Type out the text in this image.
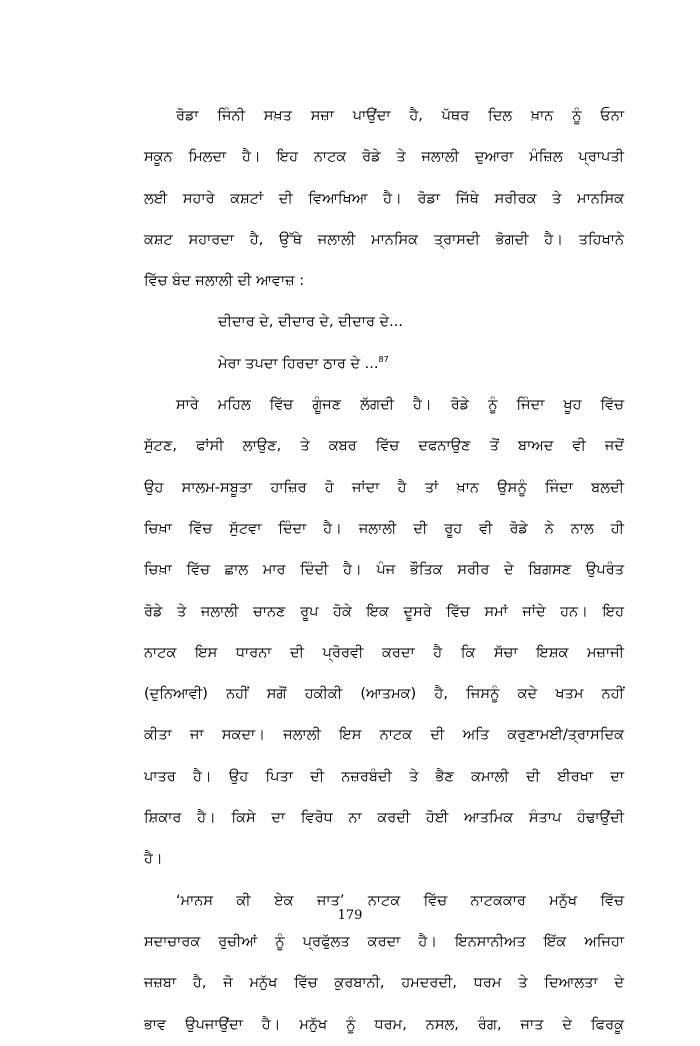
ਰੋਡਾ ਜਿੰਨੀ ਸਖ਼ਤ ਸਜ਼ਾ ਪਾਉਂਦਾ ਹੈ, ਪੱਥਰ ਦਿਲ ਖ਼ਾਨ ਨੂੰ ਓਨਾ
ਸਕੂਨ ਮਿਲਦਾ ਹੈ। ਇਹ ਨਾਟਕ ਰੋਡੇ ਤੇ ਜਲਾਲੀ ਦੁਆਰਾ ਮੰਜ਼ਿਲ ਪ੍ਰਾਪਤੀ
ਲਈ ਸਹਾਰੇ ਕਸ਼ਟਾਂ ਦੀ ਵਿਆਖਿਆ ਹੈ। ਰੋਡਾ ਜਿੱਥੇ ਸਰੀਰਕ ਤੇ ਮਾਨਸਿਕ
ਕਸ਼ਟ ਸਹਾਰਦਾ ਹੈ, ਉੱਥੇ ਜਲਾਲੀ ਮਾਨਸਿਕ ਤ੍ਰਾਸਦੀ ਭੋਗਦੀ ਹੈ। ਤਹਿਖਾਨੇ
ਵਿੱਚ ਬੰਦ ਜਲਾਲੀ ਦੀ ਆਵਾਜ਼ :
ਦੀਦਾਰ ਦੇ, ਦੀਦਾਰ ਦੇ, ਦੀਦਾਰ ਦੇ...
ਮੇਰਾ ਤਪਦਾ ਹਿਰਦਾ ਠਾਰ ਦੇ ...$^{87}$
ਸਾਰੇ ਮਹਿਲ ਵਿੱਚ ਗੂੰਜਣ ਲੱਗਦੀ ਹੈ। ਰੋਡੇ ਨੂੰ ਜਿੰਦਾ ਖੂਹ ਵਿੱਚ
ਸੁੱਟਣ, ਫਾਂਸੀ ਲਾਉਣ, ਤੇ ਕਬਰ ਵਿੱਚ ਦਫਨਾਉਣ ਤੋਂ ਬਾਅਦ ਵੀ ਜਦੋਂ
ਉਹ ਸਾਲਮ-ਸਬੂਤਾ ਹਾਜ਼ਿਰ ਹੋ ਜਾਂਦਾ ਹੈ ਤਾਂ ਖ਼ਾਨ ਉਸਨੂੰ ਜਿੰਦਾ ਬਲਦੀ
ਚਿਖ਼ਾ ਵਿੱਚ ਸੁੱਟਵਾ ਦਿੰਦਾ ਹੈ। ਜਲਾਲੀ ਦੀ ਰੂਹ ਵੀ ਰੋਡੇ ਨੇ ਨਾਲ ਹੀ
ਚਿਖ਼ਾ ਵਿੱਚ ਛਾਲ ਮਾਰ ਦਿੰਦੀ ਹੈ। ਪੰਜ ਭੌਤਿਕ ਸਰੀਰ ਦੇ ਬਿਗਸਣ ਉਪਰੰਤ
ਰੋਡੇ ਤੇ ਜਲਾਲੀ ਚਾਨਣ ਰੂਪ ਹੋਕੇ ਇਕ ਦੂਸਰੇ ਵਿੱਚ ਸਮਾਂ ਜਾਂਦੇ ਹਨ। ਇਹ
ਨਾਟਕ ਇਸ ਧਾਰਨਾ ਦੀ ਪ੍ਰੋਰਵੀ ਕਰਦਾ ਹੈ ਕਿ ਸੱਚਾ ਇਸ਼ਕ ਮਜ਼ਾਜੀ
(ਦੁਨਿਆਵੀ) ਨਹੀਂ ਸਗੋਂ ਹਕੀਕੀ (ਆਤਮਕ) ਹੈ, ਜਿਸਨੂੰ ਕਦੇ ਖਤਮ ਨਹੀਂ
ਕੀਤਾ ਜਾ ਸਕਦਾ। ਜਲਾਲੀ ਇਸ ਨਾਟਕ ਦੀ ਅਤਿ ਕਰੁਣਾਮਈ/ਤ੍ਰਾਸਦਿਕ
ਪਾਤਰ ਹੈ। ਉਹ ਪਿਤਾ ਦੀ ਨਜ਼ਰਬੰਦੀ ਤੇ ਭੈਣ ਕਮਾਲੀ ਦੀ ਈਰਖਾ ਦਾ
ਸ਼ਿਕਾਰ ਹੈ। ਕਿਸੇ ਦਾ ਵਿਰੋਧ ਨਾ ਕਰਦੀ ਹੋਈ ਆਤਮਿਕ ਸੰਤਾਪ ਹੰਢਾਉਂਦੀ
ਹੈ।
‘ਮਾਨਸ ਕੀ ਏਕ ਜਾਤ’ ਨਾਟਕ ਵਿੱਚ ਨਾਟਕਕਾਰ ਮਨੁੱਖ ਵਿੱਚ
ਸਦਾਚਾਰਕ ਰੁਚੀਆਂ ਨੂੰ ਪ੍ਰਫੁੱਲਤ ਕਰਦਾ ਹੈ। ਇਨਸਾਨੀਅਤ ਇੱਕ ਅਜਿਹਾ
ਜਜ਼ਬਾ ਹੈ, ਜੋ ਮਨੁੱਖ ਵਿੱਚ ਕੁਰਬਾਨੀ, ਹਮਦਰਦੀ, ਧਰਮ ਤੇ ਦਿਆਲਤਾ ਦੇ
ਭਾਵ ਉਪਜਾਉਂਦਾ ਹੈ। ਮਨੁੱਖ ਨੂੰ ਧਰਮ, ਨਸਲ, ਰੰਗ, ਜਾਤ ਦੇ ਫਿਰਕੂ
179
